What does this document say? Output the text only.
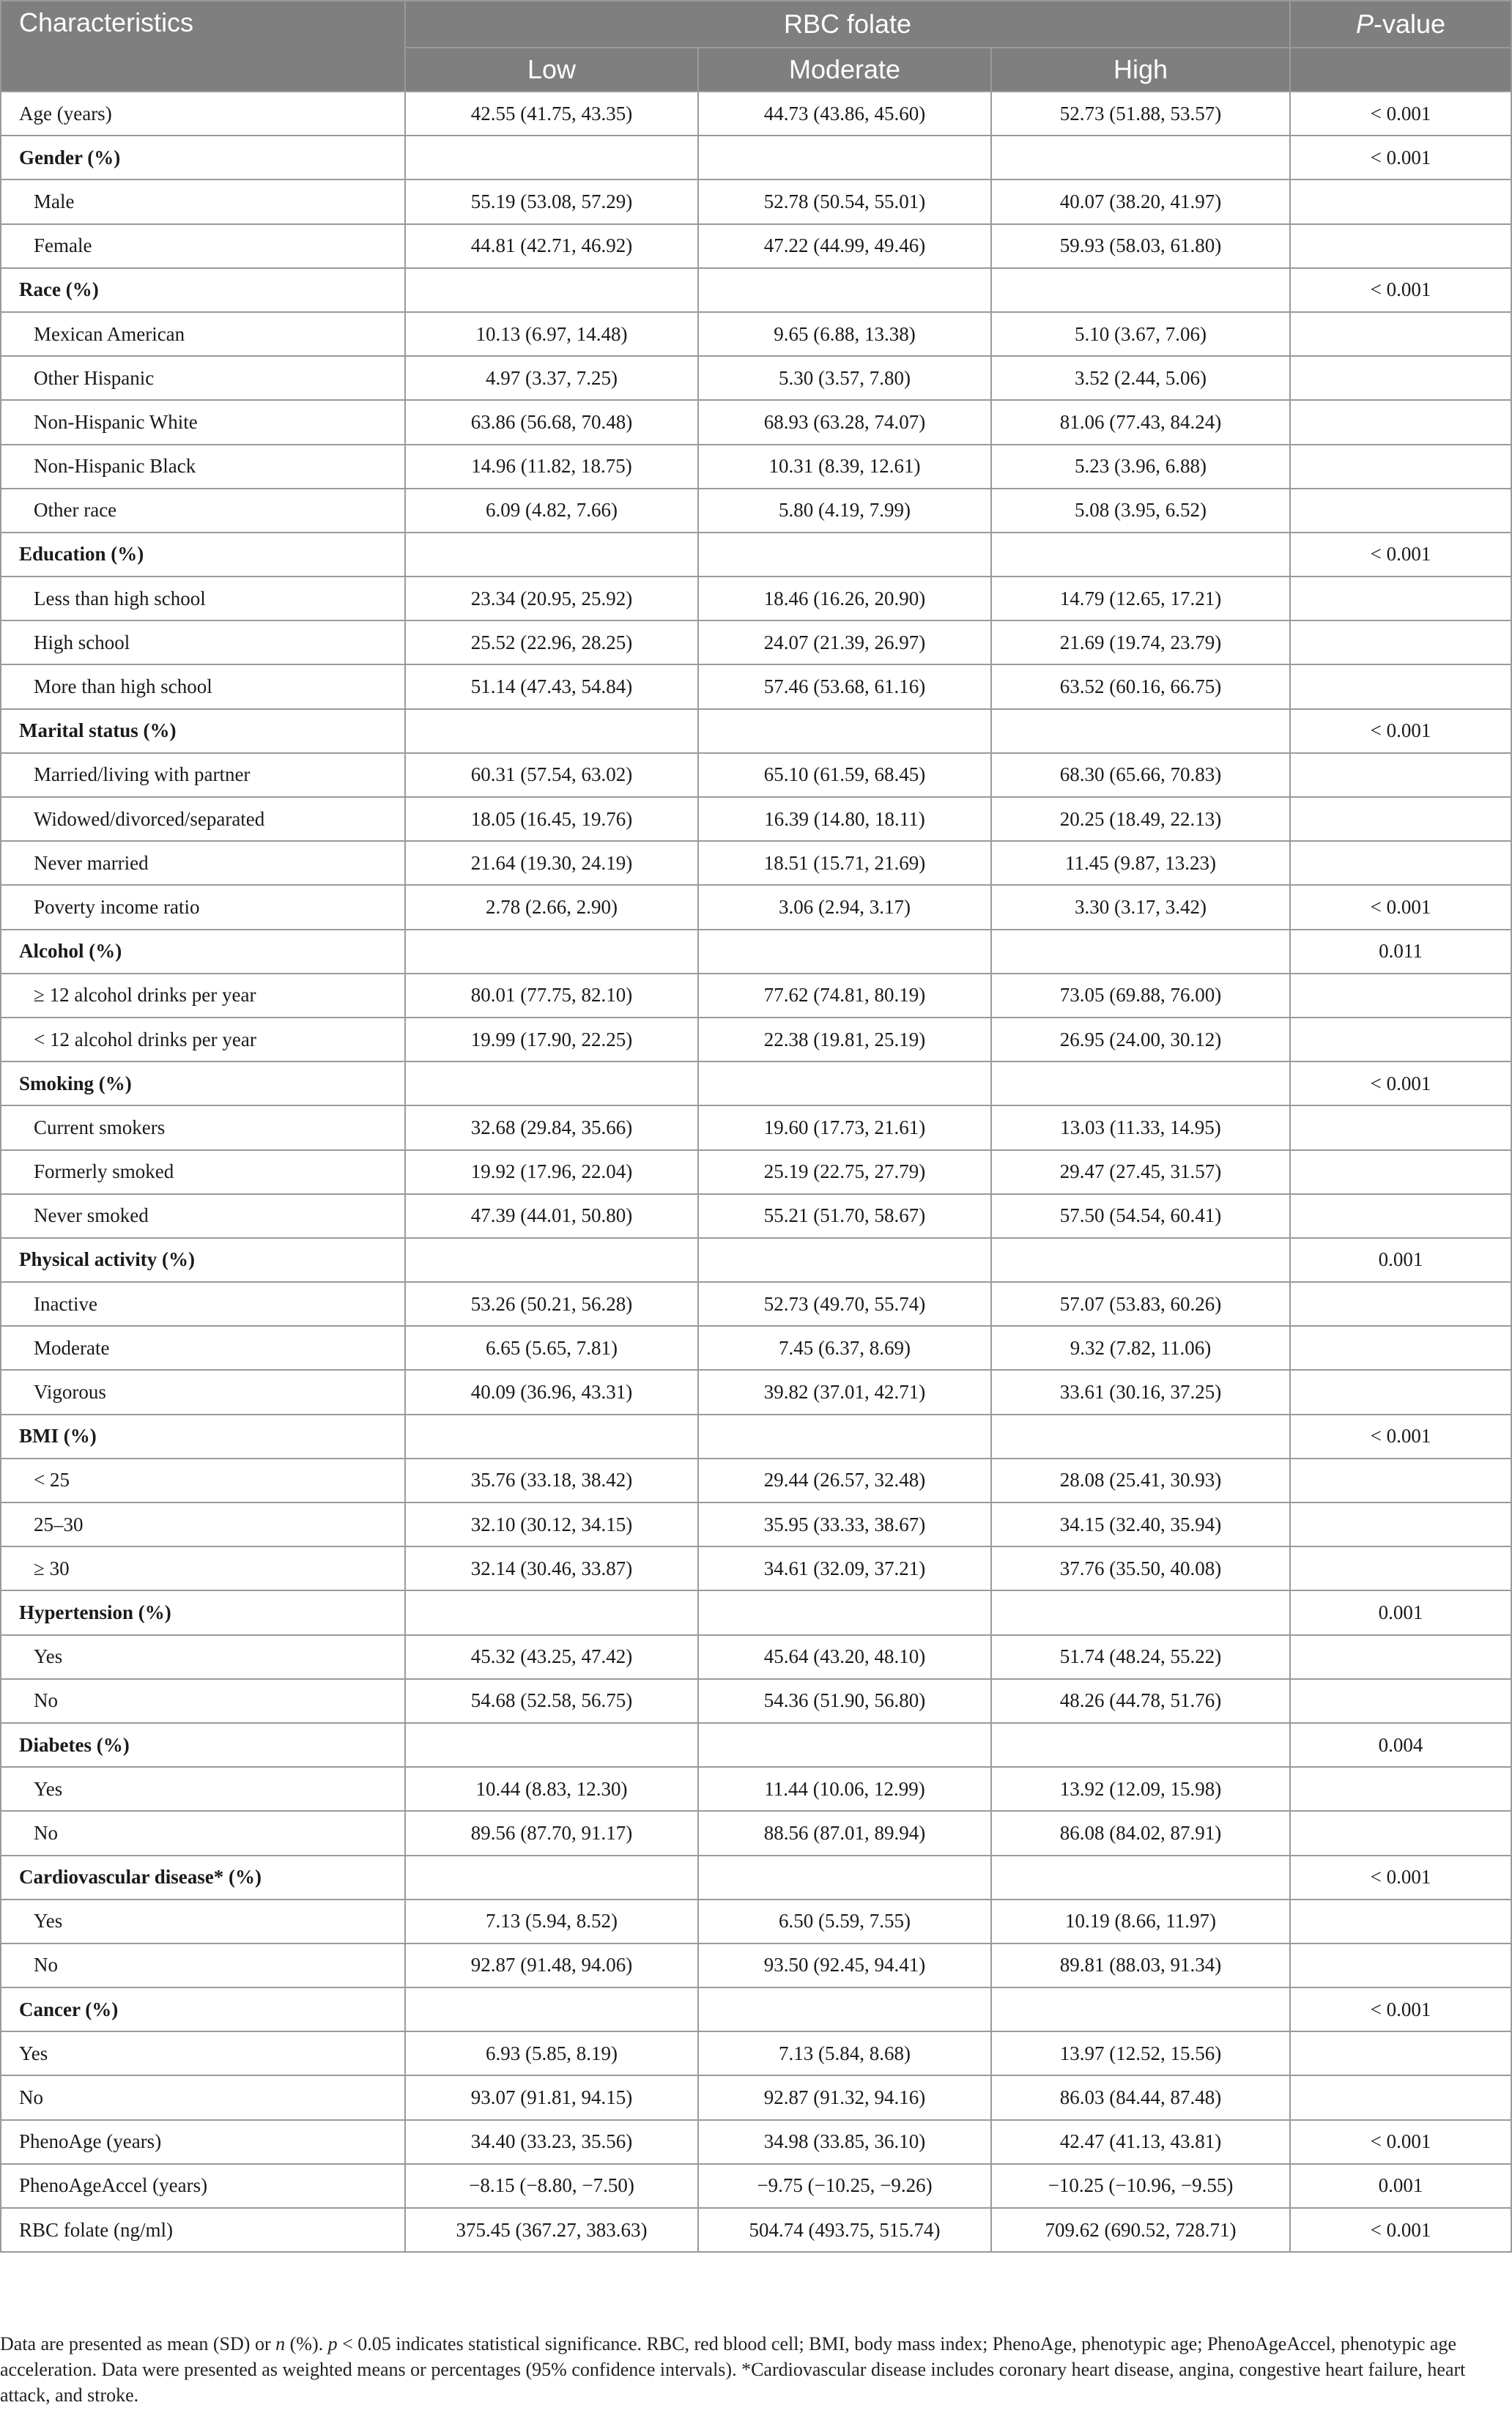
Characteristics	RBC folate			P-value
	Low	Moderate	High	
Age (years)	42.55 (41.75, 43.35)	44.73 (43.86, 45.60)	52.73 (51.88, 53.57)	< 0.001
Gender (%)				< 0.001
Male	55.19 (53.08, 57.29)	52.78 (50.54, 55.01)	40.07 (38.20, 41.97)	
Female	44.81 (42.71, 46.92)	47.22 (44.99, 49.46)	59.93 (58.03, 61.80)	
Race (%)				< 0.001
Mexican American	10.13 (6.97, 14.48)	9.65 (6.88, 13.38)	5.10 (3.67, 7.06)	
Other Hispanic	4.97 (3.37, 7.25)	5.30 (3.57, 7.80)	3.52 (2.44, 5.06)	
Non-Hispanic White	63.86 (56.68, 70.48)	68.93 (63.28, 74.07)	81.06 (77.43, 84.24)	
Non-Hispanic Black	14.96 (11.82, 18.75)	10.31 (8.39, 12.61)	5.23 (3.96, 6.88)	
Other race	6.09 (4.82, 7.66)	5.80 (4.19, 7.99)	5.08 (3.95, 6.52)	
Education (%)				< 0.001
Less than high school	23.34 (20.95, 25.92)	18.46 (16.26, 20.90)	14.79 (12.65, 17.21)	
High school	25.52 (22.96, 28.25)	24.07 (21.39, 26.97)	21.69 (19.74, 23.79)	
More than high school	51.14 (47.43, 54.84)	57.46 (53.68, 61.16)	63.52 (60.16, 66.75)	
Marital status (%)				< 0.001
Married/living with partner	60.31 (57.54, 63.02)	65.10 (61.59, 68.45)	68.30 (65.66, 70.83)	
Widowed/divorced/separated	18.05 (16.45, 19.76)	16.39 (14.80, 18.11)	20.25 (18.49, 22.13)	
Never married	21.64 (19.30, 24.19)	18.51 (15.71, 21.69)	11.45 (9.87, 13.23)	
Poverty income ratio	2.78 (2.66, 2.90)	3.06 (2.94, 3.17)	3.30 (3.17, 3.42)	< 0.001
Alcohol (%)				0.011
≥ 12 alcohol drinks per year	80.01 (77.75, 82.10)	77.62 (74.81, 80.19)	73.05 (69.88, 76.00)	
< 12 alcohol drinks per year	19.99 (17.90, 22.25)	22.38 (19.81, 25.19)	26.95 (24.00, 30.12)	
Smoking (%)				< 0.001
Current smokers	32.68 (29.84, 35.66)	19.60 (17.73, 21.61)	13.03 (11.33, 14.95)	
Formerly smoked	19.92 (17.96, 22.04)	25.19 (22.75, 27.79)	29.47 (27.45, 31.57)	
Never smoked	47.39 (44.01, 50.80)	55.21 (51.70, 58.67)	57.50 (54.54, 60.41)	
Physical activity (%)				0.001
Inactive	53.26 (50.21, 56.28)	52.73 (49.70, 55.74)	57.07 (53.83, 60.26)	
Moderate	6.65 (5.65, 7.81)	7.45 (6.37, 8.69)	9.32 (7.82, 11.06)	
Vigorous	40.09 (36.96, 43.31)	39.82 (37.01, 42.71)	33.61 (30.16, 37.25)	
BMI (%)				< 0.001
< 25	35.76 (33.18, 38.42)	29.44 (26.57, 32.48)	28.08 (25.41, 30.93)	
25–30	32.10 (30.12, 34.15)	35.95 (33.33, 38.67)	34.15 (32.40, 35.94)	
≥ 30	32.14 (30.46, 33.87)	34.61 (32.09, 37.21)	37.76 (35.50, 40.08)	
Hypertension (%)				0.001
Yes	45.32 (43.25, 47.42)	45.64 (43.20, 48.10)	51.74 (48.24, 55.22)	
No	54.68 (52.58, 56.75)	54.36 (51.90, 56.80)	48.26 (44.78, 51.76)	
Diabetes (%)				0.004
Yes	10.44 (8.83, 12.30)	11.44 (10.06, 12.99)	13.92 (12.09, 15.98)	
No	89.56 (87.70, 91.17)	88.56 (87.01, 89.94)	86.08 (84.02, 87.91)	
Cardiovascular disease* (%)				< 0.001
Yes	7.13 (5.94, 8.52)	6.50 (5.59, 7.55)	10.19 (8.66, 11.97)	
No	92.87 (91.48, 94.06)	93.50 (92.45, 94.41)	89.81 (88.03, 91.34)	
Cancer (%)				< 0.001
Yes	6.93 (5.85, 8.19)	7.13 (5.84, 8.68)	13.97 (12.52, 15.56)	
No	93.07 (91.81, 94.15)	92.87 (91.32, 94.16)	86.03 (84.44, 87.48)	
PhenoAge (years)	34.40 (33.23, 35.56)	34.98 (33.85, 36.10)	42.47 (41.13, 43.81)	< 0.001
PhenoAgeAccel (years)	−8.15 (−8.80, −7.50)	−9.75 (−10.25, −9.26)	−10.25 (−10.96, −9.55)	0.001
RBC folate (ng/ml)	375.45 (367.27, 383.63)	504.74 (493.75, 515.74)	709.62 (690.52, 728.71)	< 0.001

Data are presented as mean (SD) or n (%). p < 0.05 indicates statistical significance. RBC, red blood cell; BMI, body mass index; PhenoAge, phenotypic age; PhenoAgeAccel, phenotypic age acceleration. Data were presented as weighted means or percentages (95% confidence intervals). *Cardiovascular disease includes coronary heart disease, angina, congestive heart failure, heart attack, and stroke.
